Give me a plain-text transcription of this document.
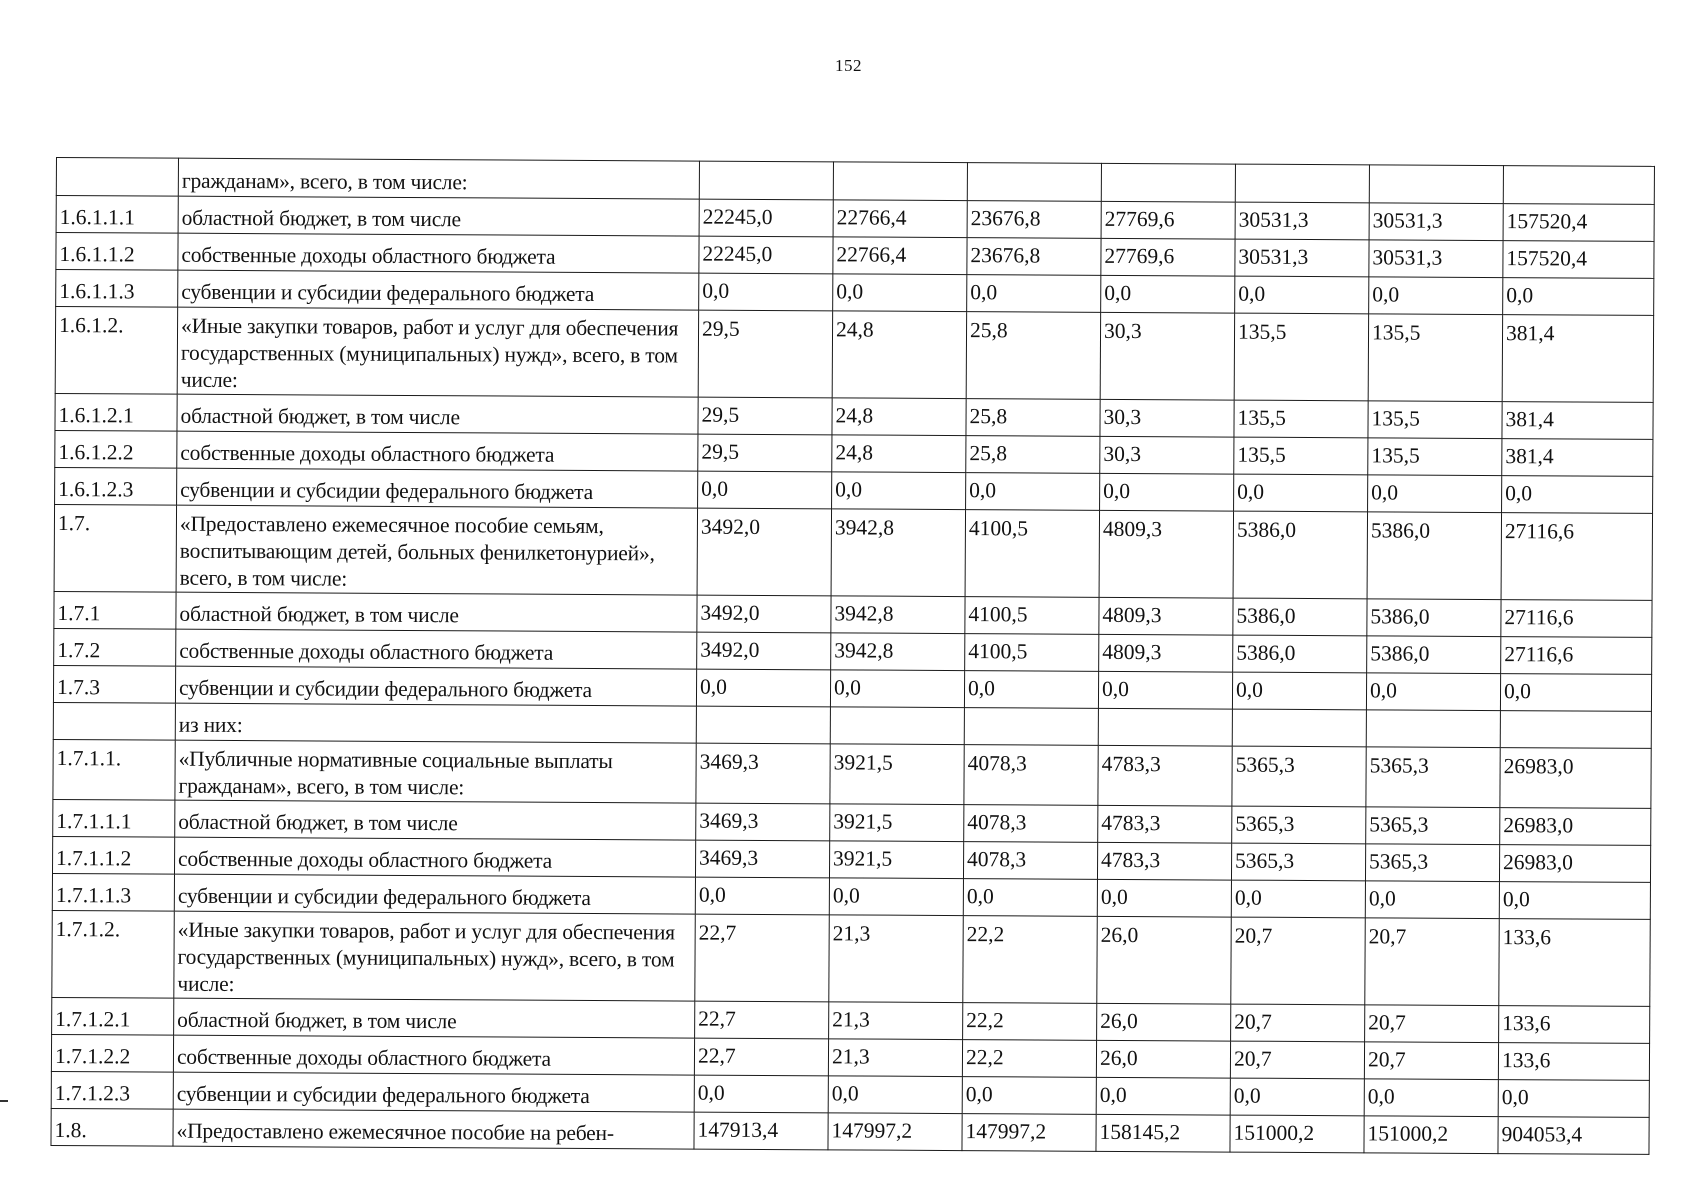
152
	гражданам», всего, в том числе:							
1.6.1.1.1	областной бюджет, в том числе	22245,0	22766,4	23676,8	27769,6	30531,3	30531,3	157520,4
1.6.1.1.2	собственные доходы областного бюджета	22245,0	22766,4	23676,8	27769,6	30531,3	30531,3	157520,4
1.6.1.1.3	субвенции и субсидии федерального бюджета	0,0	0,0	0,0	0,0	0,0	0,0	0,0
1.6.1.2.	«Иные закупки товаров, работ и услуг для обеспечения государственных (муниципальных) нужд», всего, в том числе:	29,5	24,8	25,8	30,3	135,5	135,5	381,4
1.6.1.2.1	областной бюджет, в том числе	29,5	24,8	25,8	30,3	135,5	135,5	381,4
1.6.1.2.2	собственные доходы областного бюджета	29,5	24,8	25,8	30,3	135,5	135,5	381,4
1.6.1.2.3	субвенции и субсидии федерального бюджета	0,0	0,0	0,0	0,0	0,0	0,0	0,0
1.7.	«Предоставлено ежемесячное пособие семьям, воспитывающим детей, больных фенилкетонурией», всего, в том числе:	3492,0	3942,8	4100,5	4809,3	5386,0	5386,0	27116,6
1.7.1	областной бюджет, в том числе	3492,0	3942,8	4100,5	4809,3	5386,0	5386,0	27116,6
1.7.2	собственные доходы областного бюджета	3492,0	3942,8	4100,5	4809,3	5386,0	5386,0	27116,6
1.7.3	субвенции и субсидии федерального бюджета	0,0	0,0	0,0	0,0	0,0	0,0	0,0
	из них:							
1.7.1.1.	«Публичные нормативные социальные выплаты гражданам», всего, в том числе:	3469,3	3921,5	4078,3	4783,3	5365,3	5365,3	26983,0
1.7.1.1.1	областной бюджет, в том числе	3469,3	3921,5	4078,3	4783,3	5365,3	5365,3	26983,0
1.7.1.1.2	собственные доходы областного бюджета	3469,3	3921,5	4078,3	4783,3	5365,3	5365,3	26983,0
1.7.1.1.3	субвенции и субсидии федерального бюджета	0,0	0,0	0,0	0,0	0,0	0,0	0,0
1.7.1.2.	«Иные закупки товаров, работ и услуг для обеспечения государственных (муниципальных) нужд», всего, в том числе:	22,7	21,3	22,2	26,0	20,7	20,7	133,6
1.7.1.2.1	областной бюджет, в том числе	22,7	21,3	22,2	26,0	20,7	20,7	133,6
1.7.1.2.2	собственные доходы областного бюджета	22,7	21,3	22,2	26,0	20,7	20,7	133,6
1.7.1.2.3	субвенции и субсидии федерального бюджета	0,0	0,0	0,0	0,0	0,0	0,0	0,0
1.8.	«Предоставлено ежемесячное пособие на ребен-	147913,4	147997,2	147997,2	158145,2	151000,2	151000,2	904053,4
